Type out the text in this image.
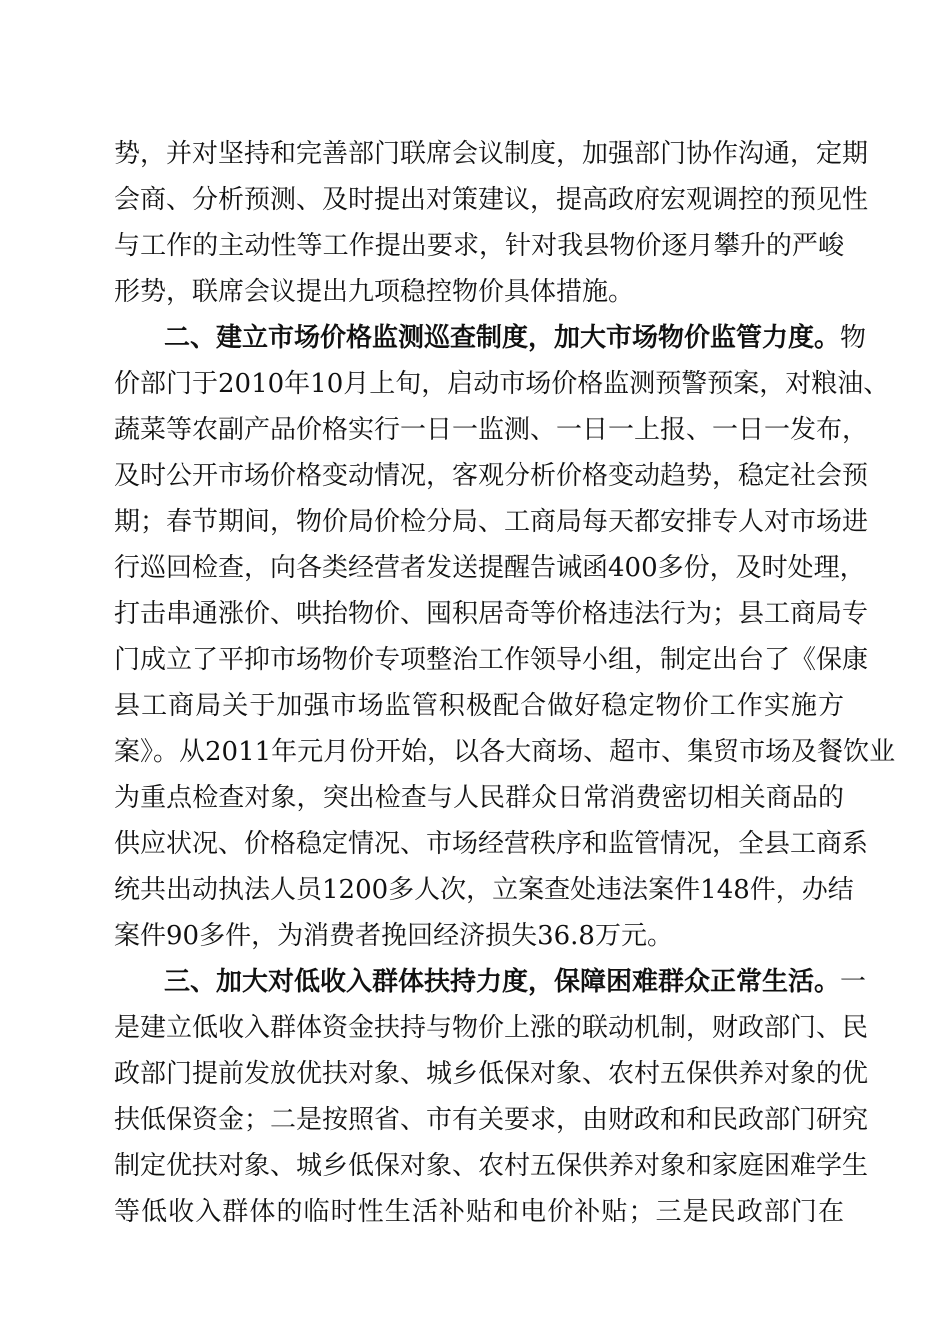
势，并对坚持和完善部门联席会议制度，加强部门协作沟通，定期
会商、分析预测、及时提出对策建议，提高政府宏观调控的预见性
与工作的主动性等工作提出要求，针对我县物价逐月攀升的严峻
形势，联席会议提出九项稳控物价具体措施。
二、建立市场价格监测巡查制度，加大市场物价监管力度。物
价部门于2010年10月上旬，启动市场价格监测预警预案，对粮油、
蔬菜等农副产品价格实行一日一监测、一日一上报、一日一发布，
及时公开市场价格变动情况，客观分析价格变动趋势，稳定社会预
期；春节期间，物价局价检分局、工商局每天都安排专人对市场进
行巡回检查，向各类经营者发送提醒告诫函400多份，及时处理，
打击串通涨价、哄抬物价、囤积居奇等价格违法行为；县工商局专
门成立了平抑市场物价专项整治工作领导小组，制定出台了《保康
县工商局关于加强市场监管积极配合做好稳定物价工作实施方
案》。从2011年元月份开始，以各大商场、超市、集贸市场及餐饮业
为重点检查对象，突出检查与人民群众日常消费密切相关商品的
供应状况、价格稳定情况、市场经营秩序和监管情况，全县工商系
统共出动执法人员1200多人次，立案查处违法案件148件，办结
案件90多件，为消费者挽回经济损失36.8万元。
三、加大对低收入群体扶持力度，保障困难群众正常生活。一
是建立低收入群体资金扶持与物价上涨的联动机制，财政部门、民
政部门提前发放优扶对象、城乡低保对象、农村五保供养对象的优
扶低保资金；二是按照省、市有关要求，由财政和和民政部门研究
制定优扶对象、城乡低保对象、农村五保供养对象和家庭困难学生
等低收入群体的临时性生活补贴和电价补贴；三是民政部门在
